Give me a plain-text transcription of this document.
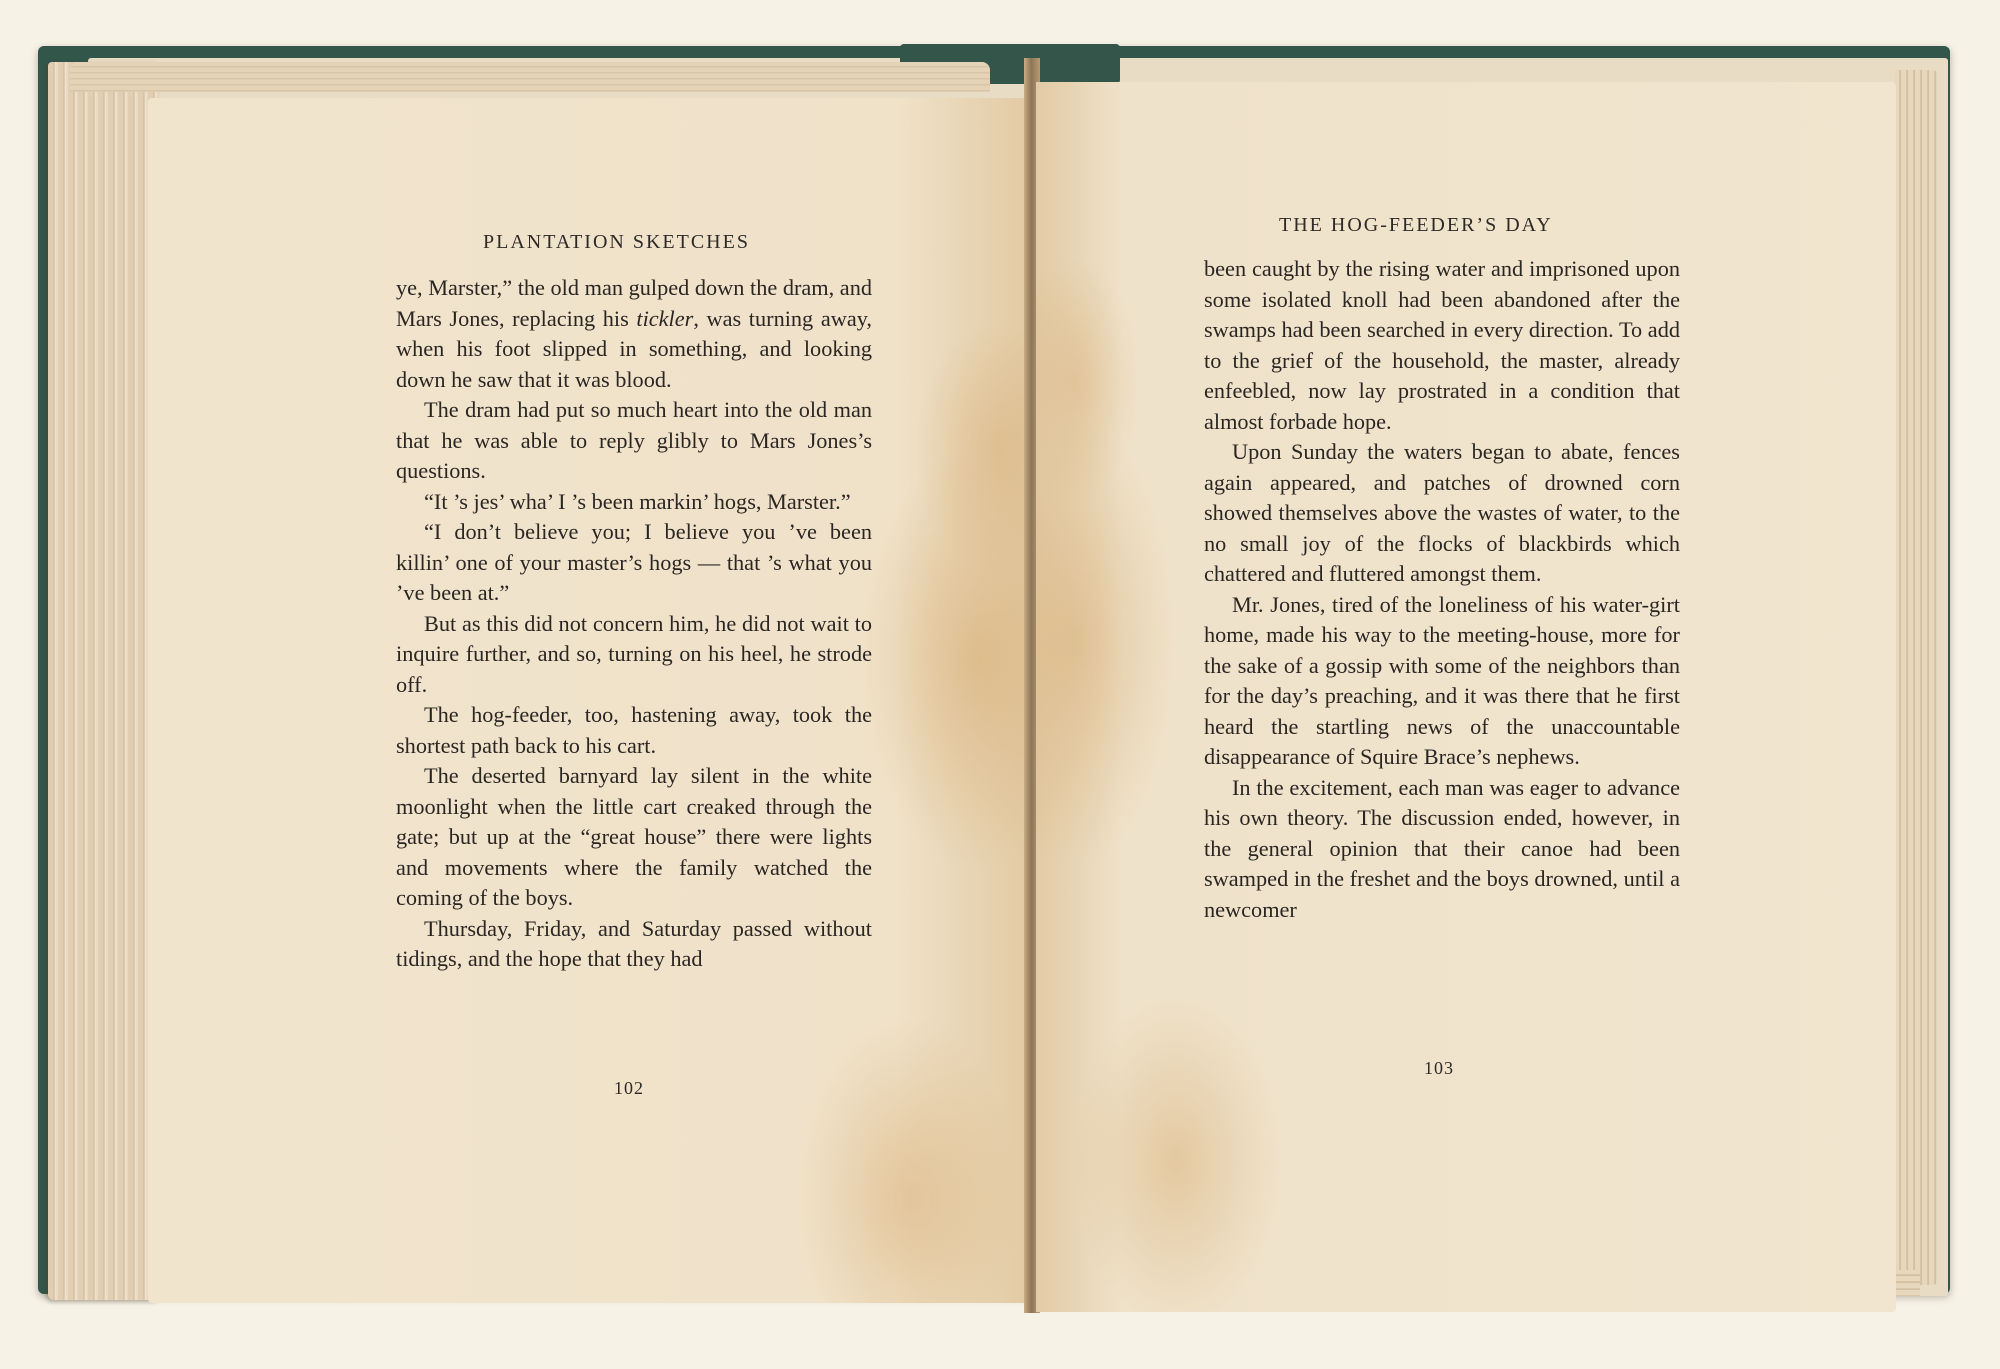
PLANTATION SKETCHES

ye, Marster,” the old man gulped down the dram, and Mars Jones, replacing his tickler, was turning away, when his foot slipped in something, and looking down he saw that it was blood.

The dram had put so much heart into the old man that he was able to reply glibly to Mars Jones’s questions.

“It ’s jes’ wha’ I ’s been markin’ hogs, Marster.”

“I don’t believe you; I believe you ’ve been killin’ one of your master’s hogs — that ’s what you ’ve been at.”

But as this did not concern him, he did not wait to inquire further, and so, turning on his heel, he strode off.

The hog-feeder, too, hastening away, took the shortest path back to his cart.

The deserted barnyard lay silent in the white moonlight when the little cart creaked through the gate; but up at the “great house” there were lights and movements where the family watched the coming of the boys.

Thursday, Friday, and Saturday passed without tidings, and the hope that they had

102
THE HOG-FEEDER’S DAY

been caught by the rising water and imprisoned upon some isolated knoll had been abandoned after the swamps had been searched in every direction. To add to the grief of the household, the master, already enfeebled, now lay prostrated in a condition that almost forbade hope.

Upon Sunday the waters began to abate, fences again appeared, and patches of drowned corn showed themselves above the wastes of water, to the no small joy of the flocks of blackbirds which chattered and fluttered amongst them.

Mr. Jones, tired of the loneliness of his water-girt home, made his way to the meeting-house, more for the sake of a gossip with some of the neighbors than for the day’s preaching, and it was there that he first heard the startling news of the unaccountable disappearance of Squire Brace’s nephews.

In the excitement, each man was eager to advance his own theory. The discussion ended, however, in the general opinion that their canoe had been swamped in the freshet and the boys drowned, until a newcomer

103
